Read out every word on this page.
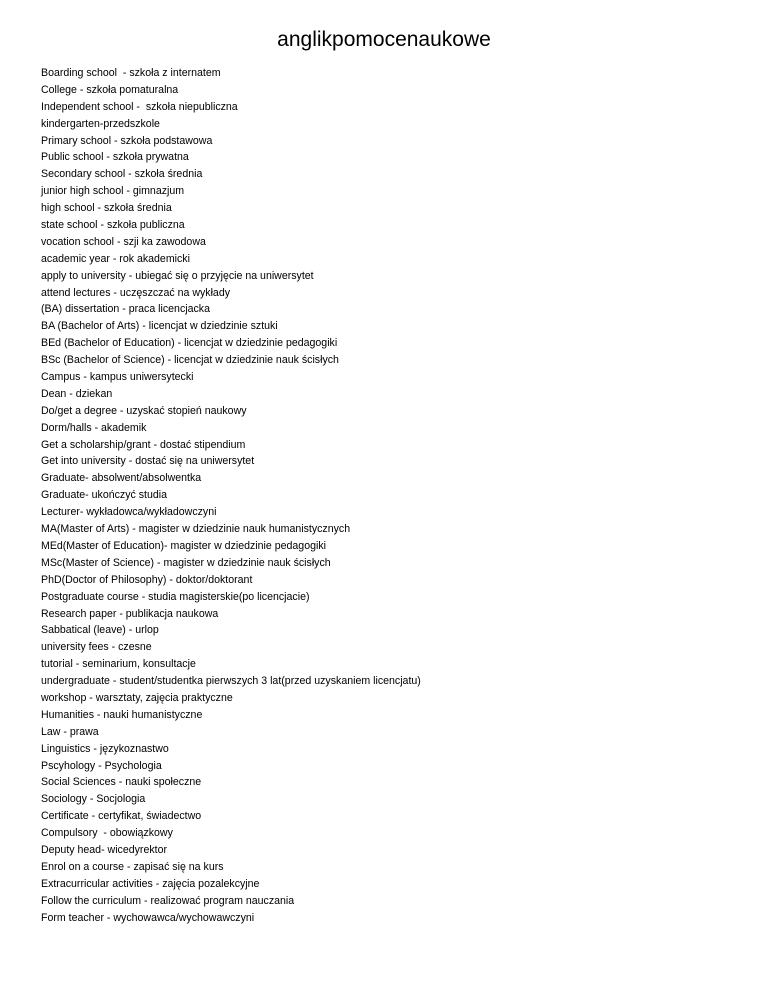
anglikpomocenaukowe
Boarding school  - szkoła z internatem
College - szkoła pomaturalna
Independent school -  szkoła niepubliczna
kindergarten-przedszkole
Primary school - szkoła podstawowa
Public school - szkoła prywatna
Secondary school - szkoła średnia
junior high school - gimnazjum
high school - szkoła średnia
state school - szkoła publiczna
vocation school - szji ka zawodowa
academic year - rok akademicki
apply to university - ubiegać się o przyjęcie na uniwersytet
attend lectures - uczęszczać na wykłady
(BA) dissertation - praca licencjacka
BA (Bachelor of Arts) - licencjat w dziedzinie sztuki
BEd (Bachelor of Education) - licencjat w dziedzinie pedagogiki
BSc (Bachelor of Science) - licencjat w dziedzinie nauk ścisłych
Campus - kampus uniwersytecki
Dean - dziekan
Do/get a degree - uzyskać stopień naukowy
Dorm/halls - akademik
Get a scholarship/grant - dostać stipendium
Get into university - dostać się na uniwersytet
Graduate- absolwent/absolwentka
Graduate- ukończyć studia
Lecturer- wykładowca/wykładowczyni
MA(Master of Arts) - magister w dziedzinie nauk humanistycznych
MEd(Master of Education)- magister w dziedzinie pedagogiki
MSc(Master of Science) - magister w dziedzinie nauk ścisłych
PhD(Doctor of Philosophy) - doktor/doktorant
Postgraduate course - studia magisterskie(po licencjacie)
Research paper - publikacja naukowa
Sabbatical (leave) - urlop
university fees - czesne
tutorial - seminarium, konsultacje
undergraduate - student/studentka pierwszych 3 lat(przed uzyskaniem licencjatu)
workshop - warsztaty, zajęcia praktyczne
Humanities - nauki humanistyczne
Law - prawa
Linguistics - językoznastwo
Pscyhology - Psychologia
Social Sciences - nauki społeczne
Sociology - Socjologia
Certificate - certyfikat, świadectwo
Compulsory  - obowiązkowy
Deputy head- wicedyrektor
Enrol on a course - zapisać się na kurs
Extracurricular activities - zajęcia pozalekcyjne
Follow the curriculum - realizować program nauczania
Form teacher - wychowawca/wychowawczyni
